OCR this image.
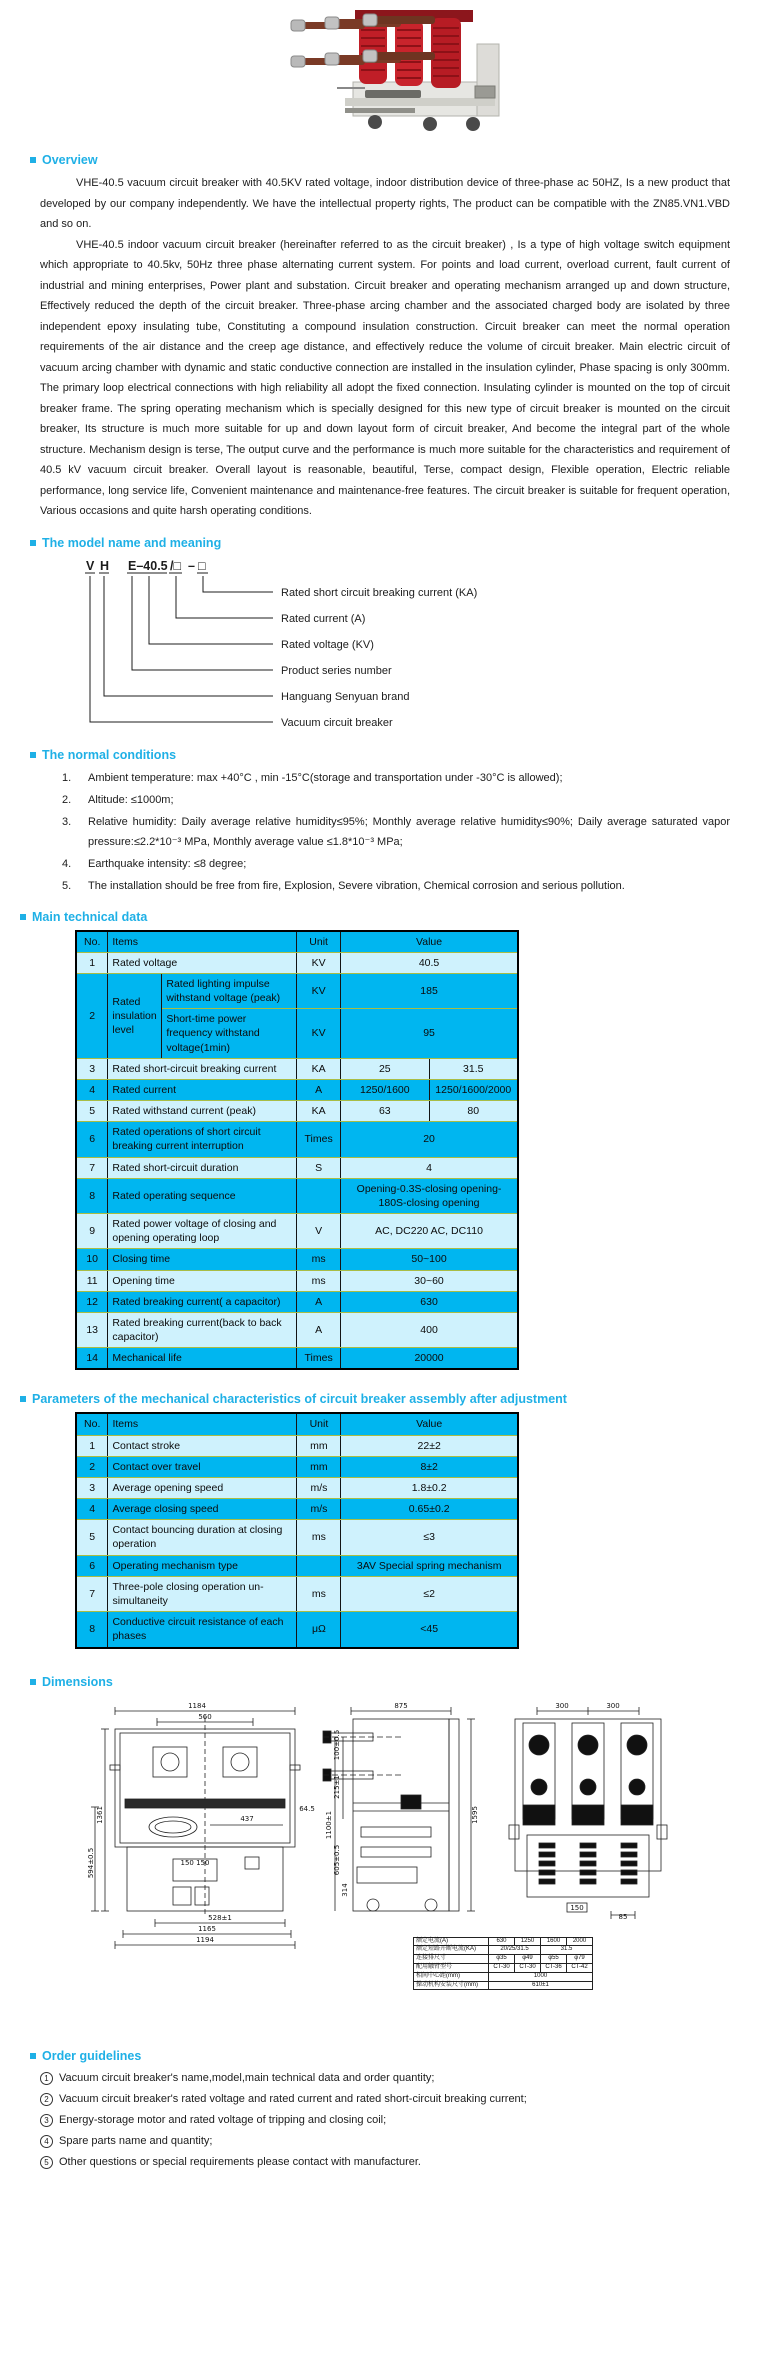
Overview

VHE-40.5 vacuum circuit breaker with 40.5KV rated voltage, indoor distribution device of three-phase ac 50HZ, Is a new product that developed by our company independently. We have the intellectual property rights, The product can be compatible with the ZN85.VN1.VBD and so on.

VHE-40.5 indoor vacuum circuit breaker (hereinafter referred to as the circuit breaker) , Is a type of high voltage switch equipment which appropriate to 40.5kv, 50Hz three phase alternating current system. For points and load current, overload current, fault current of industrial and mining enterprises, Power plant and substation. Circuit breaker and operating mechanism arranged up and down structure, Effectively reduced the depth of the circuit breaker. Three-phase arcing chamber and the associated charged body are isolated by three independent epoxy insulating tube, Constituting a compound insulation construction. Circuit breaker can meet the normal operation requirements of the air distance and the creep age distance, and effectively reduce the volume of circuit breaker. Main electric circuit of vacuum arcing chamber with dynamic and static conductive connection are installed in the insulation cylinder, Phase spacing is only 300mm. The primary loop electrical connections with high reliability all adopt the fixed connection. Insulating cylinder is mounted on the top of circuit breaker frame. The spring operating mechanism which is specially designed for this new type of circuit breaker is mounted on the circuit breaker, Its structure is much more suitable for up and down layout form of circuit breaker, And become the integral part of the whole structure. Mechanism design is terse, The output curve and the performance is much more suitable for the characteristics and requirement of 40.5 kV vacuum circuit breaker. Overall layout is reasonable, beautiful, Terse, compact design, Flexible operation, Electric reliable performance, long service life, Convenient maintenance and maintenance-free features. The circuit breaker is suitable for frequent operation, Various occasions and quite harsh operating conditions.

The model name and meaning
V H E–40.5 /□ – □
Rated short circuit breaking current (KA)
Rated current (A)
Rated voltage (KV)
Product series number
Hanguang Senyuan brand
Vacuum circuit breaker
The normal conditions
1.	Ambient temperature: max +40°C , min -15°C(storage and transportation under -30°C is allowed);
2.	Altitude: ≤1000m;
3.	Relative humidity: Daily average relative humidity≤95%; Monthly average relative humidity≤90%; Daily average saturated vapor pressure:≤2.2*10⁻³ MPa, Monthly average value ≤1.8*10⁻³ MPa;
4.	Earthquake intensity: ≤8 degree;
5.	The installation should be free from fire, Explosion, Severe vibration, Chemical corrosion and serious pollution.
Main technical data
No.	Items		Unit	Value	
1	Rated voltage		KV	40.5	
2	Rated insulation level	Rated lighting impulse withstand voltage (peak)	KV	185	
		Short-time power frequency withstand voltage(1min)	KV	95	
3	Rated short-circuit breaking current		KA	25	31.5
4	Rated current		A	1250/1600	1250/1600/2000
5	Rated withstand current (peak)		KA	63	80
6	Rated operations of short circuit breaking current interruption		Times	20	
7	Rated short-circuit duration		S	4	
8	Rated operating sequence			Opening-0.3S-closing opening-180S-closing opening	
9	Rated power voltage of closing and opening operating loop		V	AC, DC220 AC, DC110	
10	Closing time		ms	50~100	
11	Opening time		ms	30~60	
12	Rated breaking current( a capacitor)		A	630	
13	Rated breaking current(back to back capacitor)		A	400	
14	Mechanical life		Times	20000	
Parameters of the mechanical characteristics of circuit breaker assembly after adjustment
No.	Items	Unit	Value
1	Contact stroke	mm	22±2
2	Contact over travel	mm	8±2
3	Average opening speed	m/s	1.8±0.2
4	Average closing speed	m/s	0.65±0.2
5	Contact bouncing duration at closing operation	ms	≤3
6	Operating mechanism type		3AV Special spring mechanism
7	Three-pole closing operation un-simultaneity	ms	≤2
8	Conductive circuit resistance of each phases	μΩ	<45
Dimensions
1184
560
1361
594±0.5
437
150 150
64.5
528±1
1165
1194
875
1595
100±0.5
215±1
1100±1
605±0.5
314
300	300
150
85
额定电流(A)	630	1250	1600	2000
额定短路开断电流(KA)	20/25/31.5		31.5	
连接排尺寸	φ35	φ49	φ55	φ79
配用触臂型号	CT-30	CT-30	CT-36	CT-42
相间中心距(mm)	1000			
操动机构安装尺寸(mm)	610±1			
Order guidelines
1 Vacuum circuit breaker's name,model,main technical data and order quantity;
2 Vacuum circuit breaker's rated voltage and rated current and rated short-circuit breaking current;
3 Energy-storage motor and rated voltage of tripping and closing coil;
4 Spare parts name and quantity;
5 Other questions or special requirements please contact with manufacturer.
